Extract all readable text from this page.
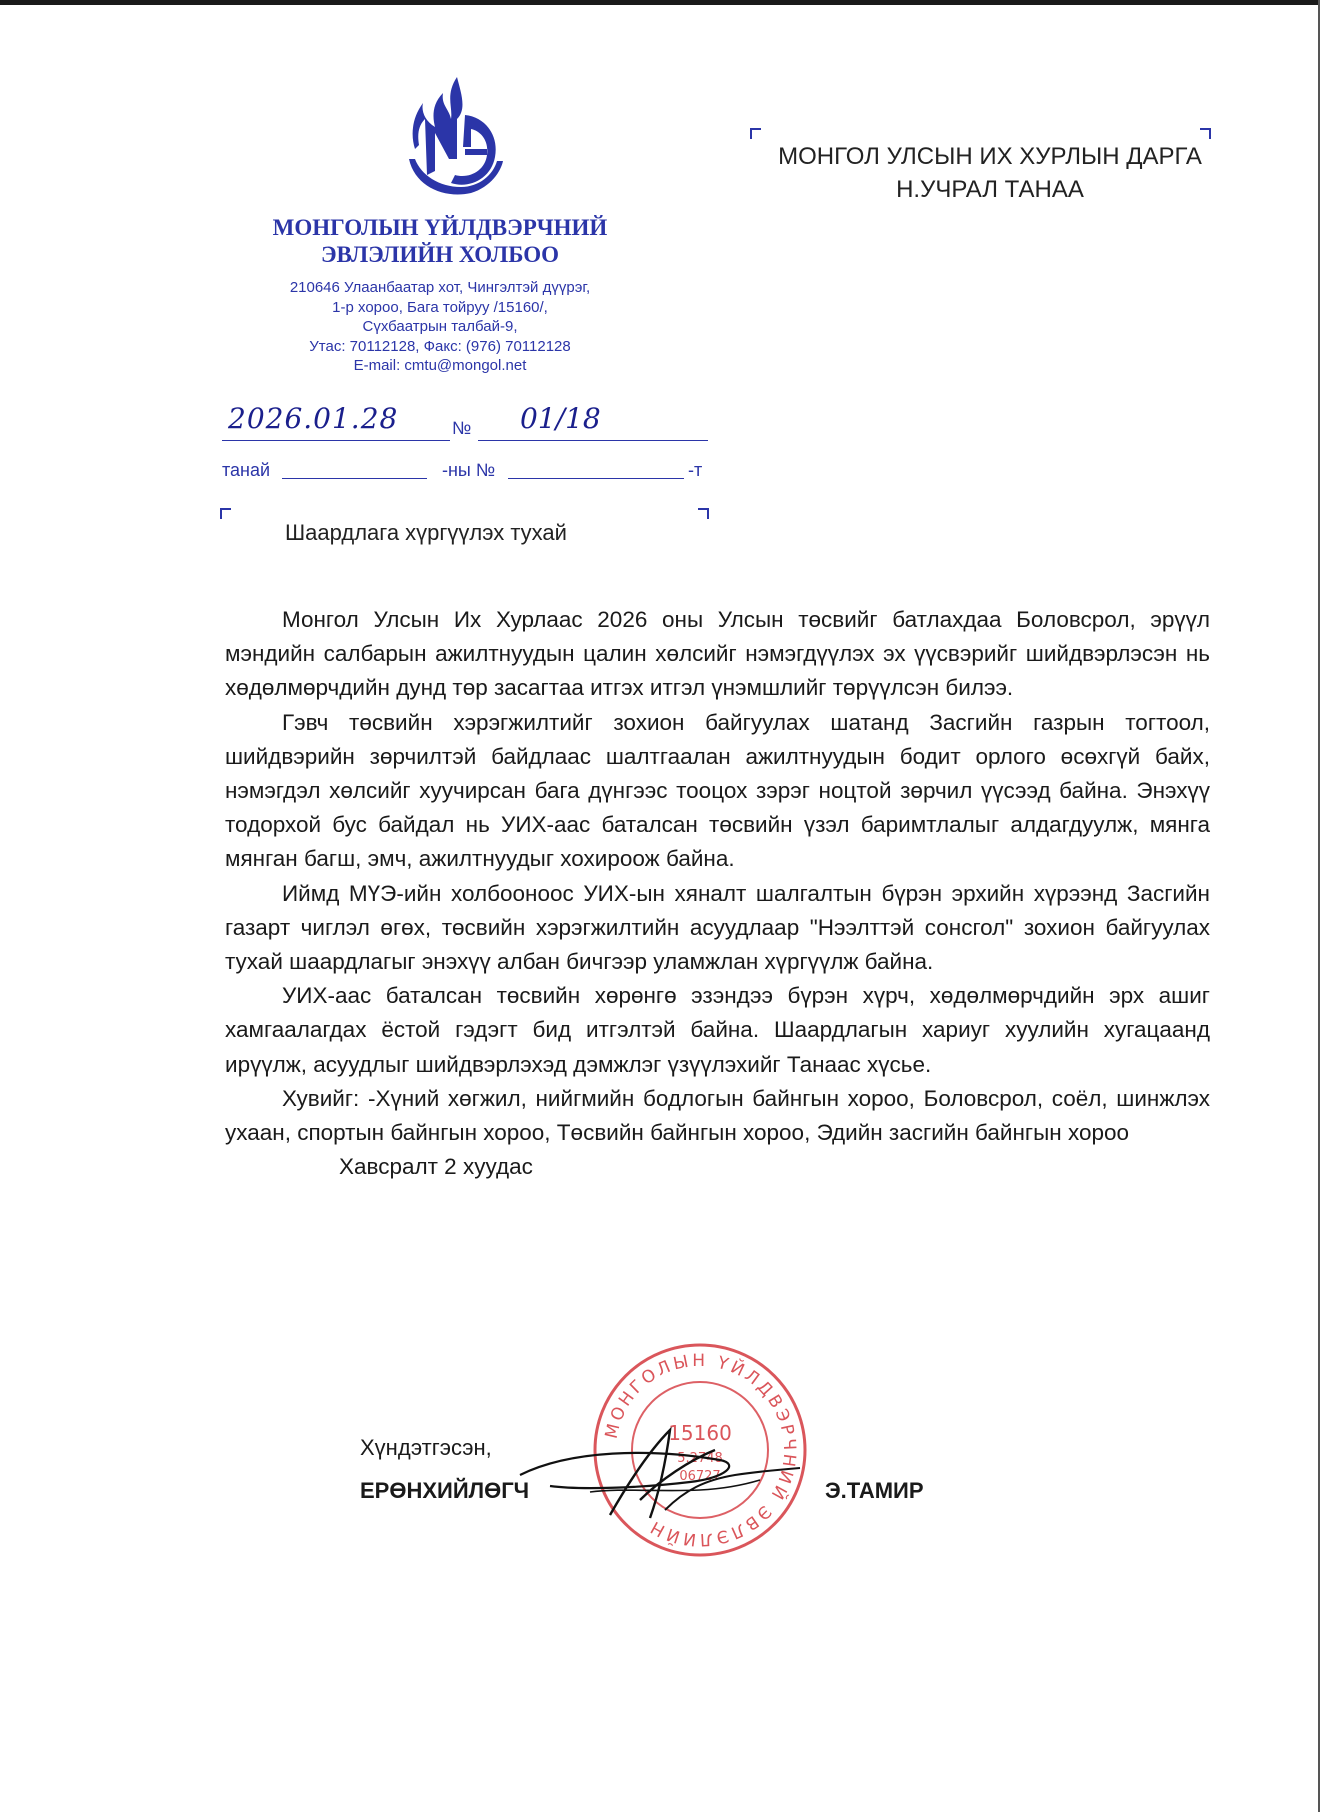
МОНГОЛЫН ҮЙЛДВЭРЧНИЙ
ЭВЛЭЛИЙН ХОЛБОО
210646 Улаанбаатар хот, Чингэлтэй дүүрэг,
1-р хороо, Бага тойруу /15160/,
Сүхбаатрын талбай-9,
Утас: 70112128, Факс: (976) 70112128
E-mail: cmtu@mongol.net
МОНГОЛ УЛСЫН ИХ ХУРЛЫН ДАРГА
Н.УЧРАЛ ТАНАА
2026.01.28	№ 01/18
танай	-ны №	-т
Шаардлага хүргүүлэх тухай

Монгол Улсын Их Хурлаас 2026 оны Улсын төсвийг батлахдаа Боловсрол, эрүүл мэндийн салбарын ажилтнуудын цалин хөлсийг нэмэгдүүлэх эх үүсвэрийг шийдвэрлэсэн нь хөдөлмөрчдийн дунд төр засагтаа итгэх итгэл үнэмшлийг төрүүлсэн билээ.

Гэвч төсвийн хэрэгжилтийг зохион байгуулах шатанд Засгийн газрын тогтоол, шийдвэрийн зөрчилтэй байдлаас шалтгаалан ажилтнуудын бодит орлого өсөхгүй байх, нэмэгдэл хөлсийг хуучирсан бага дүнгээс тооцох зэрэг ноцтой зөрчил үүсээд байна. Энэхүү тодорхой бус байдал нь УИХ-аас баталсан төсвийн үзэл баримтлалыг алдагдуулж, мянга мянган багш, эмч, ажилтнуудыг хохироож байна.

Иймд МҮЭ-ийн холбооноос УИХ-ын хяналт шалгалтын бүрэн эрхийн хүрээнд Засгийн газарт чиглэл өгөх, төсвийн хэрэгжилтийн асуудлаар "Нээлттэй сонсгол" зохион байгуулах тухай шаардлагыг энэхүү албан бичгээр уламжлан хүргүүлж байна.

УИХ-аас баталсан төсвийн хөрөнгө эзэндээ бүрэн хүрч, хөдөлмөрчдийн эрх ашиг хамгаалагдах ёстой гэдэгт бид итгэлтэй байна. Шаардлагын хариуг хуулийн хугацаанд ирүүлж, асуудлыг шийдвэрлэхэд дэмжлэг үзүүлэхийг Танаас хүсье.

Хувийг: -Хүний хөгжил, нийгмийн бодлогын байнгын хороо, Боловсрол, соёл, шинжлэх ухаан, спортын байнгын хороо, Төсвийн байнгын хороо, Эдийн засгийн байнгын хороо

Хавсралт 2 хуудас

МОНГОЛЫН ҮЙЛДВЭРЧНИЙ ЭВЛЭЛИЙН
15160
5.2748
06727
Хүндэтгэсэн,
ЕРӨНХИЙЛӨГЧ	Э.ТАМИР
